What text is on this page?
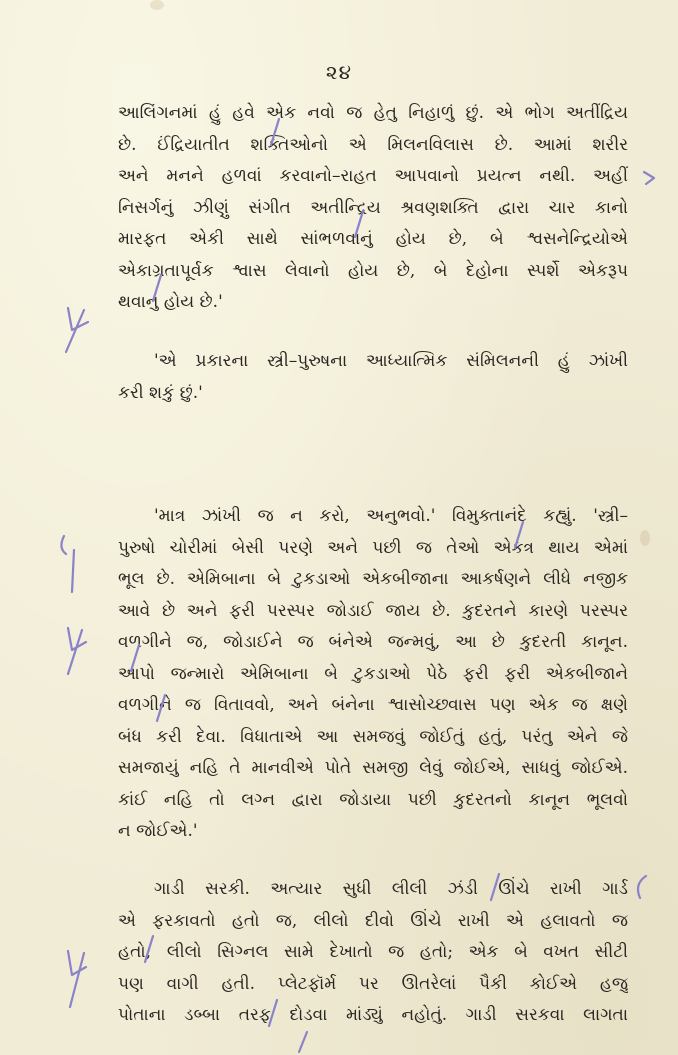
૨૪
આલિંગનમાં હું હવે એક નવો જ હેતુ નિહાળું છું. એ ભોગ અતીંદ્રિય
છે. ઈંદ્રિયાતીત શક્તિઓનો એ મિલનવિલાસ છે. આમાં શરીર
અને મનને હળવાં કરવાનો–રાહત આપવાનો પ્રયત્ન નથી. અહીં
નિસર્ગનું ઝીણું સંગીત અતીન્દ્રિય શ્રવણશક્તિ દ્વારા ચાર કાનો
મારફત એકી સાથે સાંભળવાનું હોય છે, બે શ્વસનેન્દ્રિયોએ
એકાગ્રતાપૂર્વક શ્વાસ લેવાનો હોય છે, બે દેહોના સ્પર્શે એકરૂપ
થવાનું હોય છે.'
'એ પ્રકારના સ્ત્રી–પુરુષના આધ્યાત્મિક સંમિલનની હું ઝાંખી
કરી શકું છું.'
'માત્ર ઝાંખી જ ન કરો, અનુભવો.' વિમુક્તાનંદે કહ્યું. 'સ્ત્રી–
પુરુષો ચોરીમાં બેસી પરણે અને પછી જ તેઓ એકત્ર થાય એમાં
ભૂલ છે. એમિબાના બે ટુકડાઓ એકબીજાના આકર્ષણને લીધે નજીક
આવે છે અને ફરી પરસ્પર જોડાઈ જાય છે. કુદરતને કારણે પરસ્પર
વળગીને જ, જોડાઈને જ બંનેએ જન્મવું, આ છે કુદરતી કાનૂન.
આપો જન્મારો એમિબાના બે ટુકડાઓ પેઠે ફરી ફરી એકબીજાને
વળગીને જ વિતાવવો, અને બંનેના શ્વાસોચ્છ્વાસ પણ એક જ ક્ષણે
બંધ કરી દેવા. વિધાતાએ આ સમજવું જોઈતું હતું, પરંતુ એને જે
સમજાયું નહિ તે માનવીએ પોતે સમજી લેવું જોઈએ, સાધવું જોઈએ.
કાંઈ નહિ તો લગ્ન દ્વારા જોડાયા પછી કુદરતનો કાનૂન ભૂલવો
ન જોઈએ.'
ગાડી સરકી. અત્યાર સુધી લીલી ઝંડી ઊંચે રાખી ગાર્ડ
એ ફરકાવતો હતો જ, લીલો દીવો ઊંચે રાખી એ હલાવતો જ
હતો; લીલો સિગ્નલ સામે દેખાતો જ હતો; એક બે વખત સીટી
પણ વાગી હતી. પ્લેટફૉર્મ પર ઊતરેલાં પૈકી કોઈએ હજુ
પોતાના ડબ્બા તરફ દોડવા માંડ્યું નહોતું. ગાડી સરકવા લાગતા
